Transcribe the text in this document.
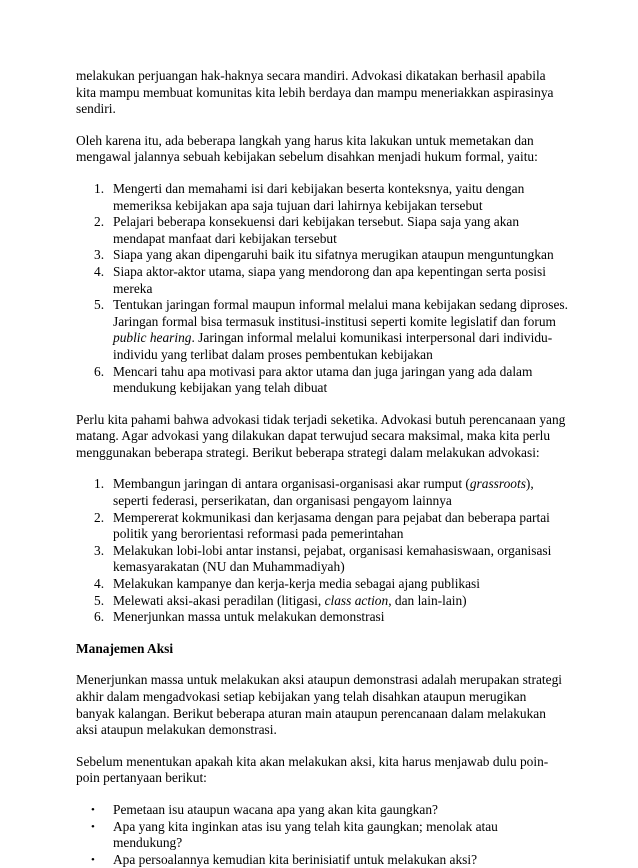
melakukan perjuangan hak-haknya secara mandiri. Advokasi dikatakan berhasil apabila kita mampu membuat komunitas kita lebih berdaya dan mampu meneriakkan aspirasinya sendiri.

Oleh karena itu, ada beberapa langkah yang harus kita lakukan untuk memetakan dan mengawal jalannya sebuah kebijakan sebelum disahkan menjadi hukum formal, yaitu:

1. Mengerti dan memahami isi dari kebijakan beserta konteksnya, yaitu dengan memeriksa kebijakan apa saja tujuan dari lahirnya kebijakan tersebut
2. Pelajari beberapa konsekuensi dari kebijakan tersebut. Siapa saja yang akan mendapat manfaat dari kebijakan tersebut
3. Siapa yang akan dipengaruhi baik itu sifatnya merugikan ataupun menguntungkan
4. Siapa aktor-aktor utama, siapa yang mendorong dan apa kepentingan serta posisi mereka
5. Tentukan jaringan formal maupun informal melalui mana kebijakan sedang diproses. Jaringan formal bisa termasuk institusi-institusi seperti komite legislatif dan forum public hearing. Jaringan informal melalui komunikasi interpersonal dari individu-individu yang terlibat dalam proses pembentukan kebijakan
6. Mencari tahu apa motivasi para aktor utama dan juga jaringan yang ada dalam mendukung kebijakan yang telah dibuat

Perlu kita pahami bahwa advokasi tidak terjadi seketika. Advokasi butuh perencanaan yang matang. Agar advokasi yang dilakukan dapat terwujud secara maksimal, maka kita perlu menggunakan beberapa strategi. Berikut beberapa strategi dalam melakukan advokasi:

1. Membangun jaringan di antara organisasi-organisasi akar rumput (grassroots), seperti federasi, perserikatan, dan organisasi pengayom lainnya
2. Mempererat kokmunikasi dan kerjasama dengan para pejabat dan beberapa partai politik yang berorientasi reformasi pada pemerintahan
3. Melakukan lobi-lobi antar instansi, pejabat, organisasi kemahasiswaan, organisasi kemasyarakatan (NU dan Muhammadiyah)
4. Melakukan kampanye dan kerja-kerja media sebagai ajang publikasi
5. Melewati aksi-akasi peradilan (litigasi, class action, dan lain-lain)
6. Menerjunkan massa untuk melakukan demonstrasi
Manajemen Aksi

Menerjunkan massa untuk melakukan aksi ataupun demonstrasi adalah merupakan strategi akhir dalam mengadvokasi setiap kebijakan yang telah disahkan ataupun merugikan banyak kalangan. Berikut beberapa aturan main ataupun perencanaan dalam melakukan aksi ataupun melakukan demonstrasi.

Sebelum menentukan apakah kita akan melakukan aksi, kita harus menjawab dulu poin-poin pertanyaan berikut:

• Pemetaan isu ataupun wacana apa yang akan kita gaungkan?
• Apa yang kita inginkan atas isu yang telah kita gaungkan; menolak atau mendukung?
• Apa persoalannya kemudian kita berinisiatif untuk melakukan aksi?
